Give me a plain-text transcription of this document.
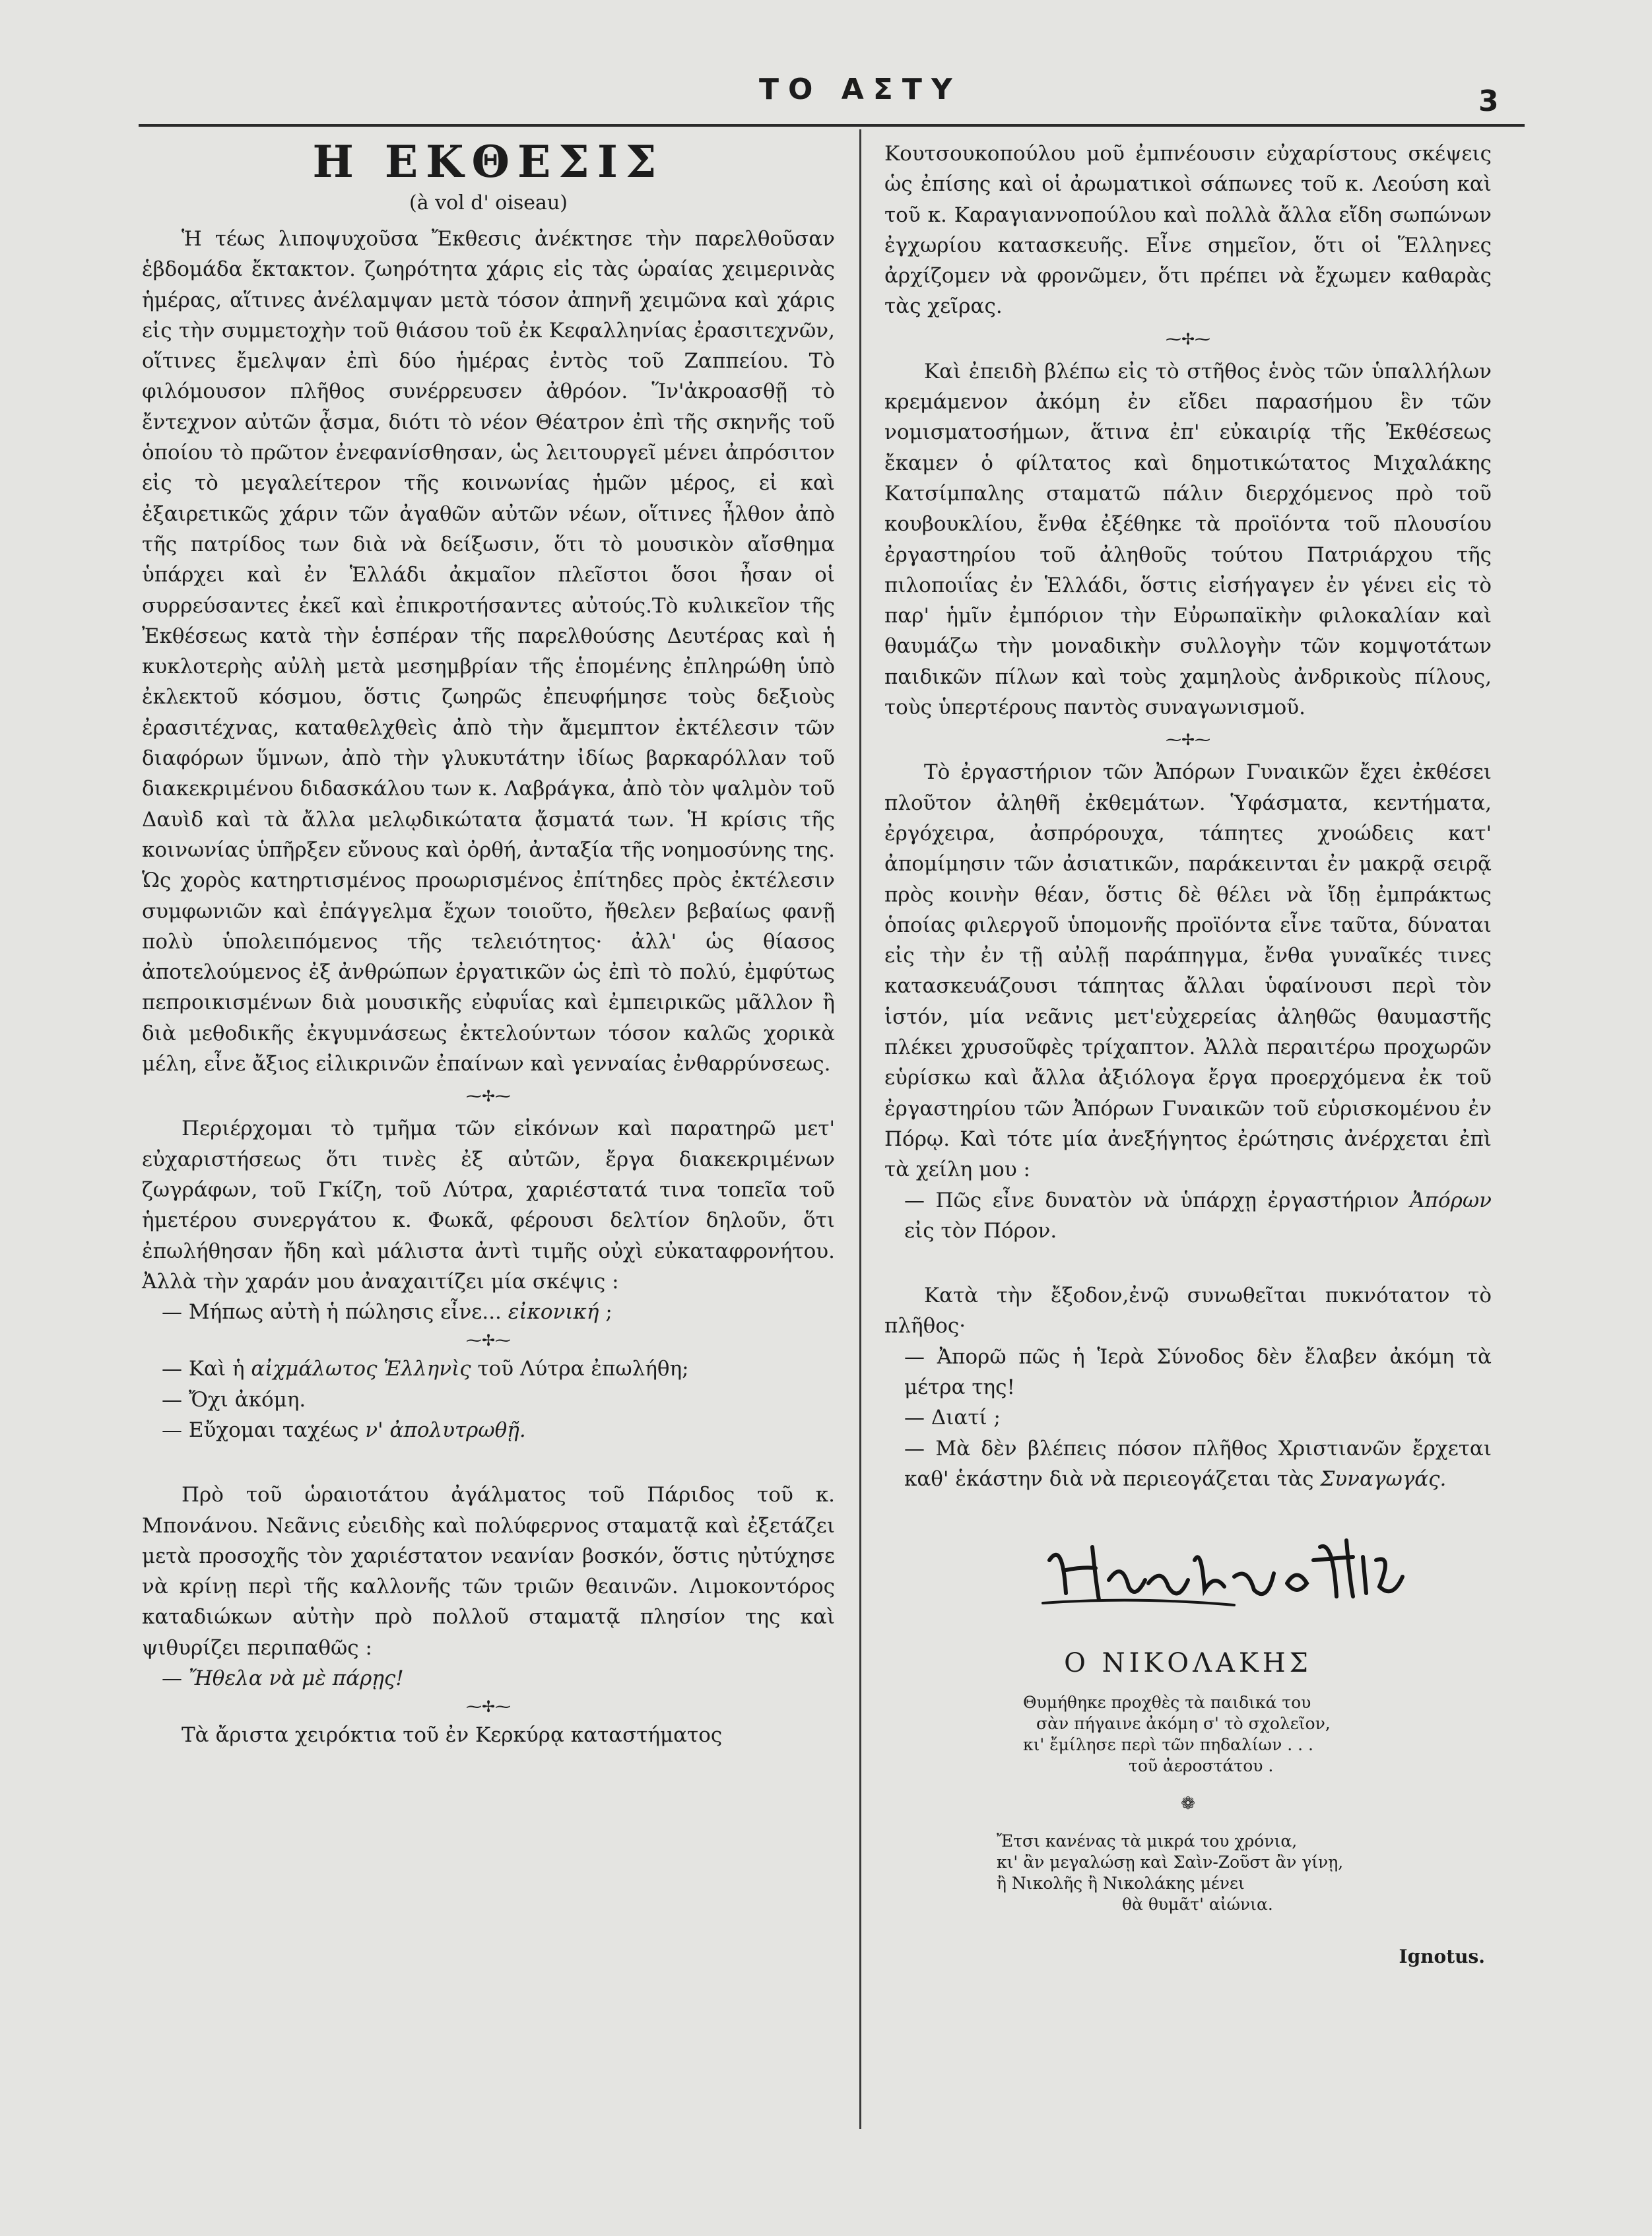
ΤΟ ΑΣΤΥ	3
Η ΕΚΘΕΣΙΣ
(à vol d' oiseau)

Ἡ τέως λιποψυχοῦσα Ἔκθεσις ἀνέκτησε τὴν παρελθοῦσαν ἑβδομάδα ἔκτακτον. ζωηρότητα χάρις εἰς τὰς ὡραίας χειμερινὰς ἡμέρας, αἵτινες ἀνέλαμψαν μετὰ τόσον ἀπηνῆ χειμῶνα καὶ χάρις εἰς τὴν συμμετοχὴν τοῦ θιάσου τοῦ ἐκ Κεφαλληνίας ἐρασιτεχνῶν, οἵτινες ἔμελψαν ἐπὶ δύο ἡμέρας ἐντὸς τοῦ Ζαππείου. Τὸ φιλόμουσον πλῆθος συνέρρευσεν ἀθρόον. Ἵν'ἀκροασθῇ τὸ ἔντεχνον αὐτῶν ᾆσμα, διότι τὸ νέον Θέατρον ἐπὶ τῆς σκηνῆς τοῦ ὁποίου τὸ πρῶτον ἐνεφανίσθησαν, ὡς λειτουργεῖ μένει ἀπρόσιτον εἰς τὸ μεγαλείτερον τῆς κοινωνίας ἡμῶν μέρος, εἰ καὶ ἐξαιρετικῶς χάριν τῶν ἀγαθῶν αὐτῶν νέων, οἵτινες ἦλθον ἀπὸ τῆς πατρίδος των διὰ νὰ δείξωσιν, ὅτι τὸ μουσικὸν αἴσθημα ὑπάρχει καὶ ἐν Ἑλλάδι ἀκμαῖον πλεῖστοι ὅσοι ἦσαν οἱ συρρεύσαντες ἐκεῖ καὶ ἐπικροτήσαντες αὐτούς.Τὸ κυλικεῖον τῆς Ἐκθέσεως κατὰ τὴν ἑσπέραν τῆς παρελθούσης Δευτέρας καὶ ἡ κυκλοτερὴς αὐλὴ μετὰ μεσημβρίαν τῆς ἑπομένης ἐπληρώθη ὑπὸ ἐκλεκτοῦ κόσμου, ὅστις ζωηρῶς ἐπευφήμησε τοὺς δεξιοὺς ἐρασιτέχνας, καταθελχθεὶς ἀπὸ τὴν ἄμεμπτον ἐκτέλεσιν τῶν διαφόρων ὕμνων, ἀπὸ τὴν γλυκυτάτην ἰδίως βαρκαρόλλαν τοῦ διακεκριμένου διδασκάλου των κ. Λαβράγκα, ἀπὸ τὸν ψαλμὸν τοῦ Δαυὶδ καὶ τὰ ἄλλα μελῳδικώτατα ᾄσματά των. Ἡ κρίσις τῆς κοινωνίας ὑπῆρξεν εὔνους καὶ ὀρθή, ἀνταξία τῆς νοημοσύνης της. Ὡς χορὸς κατηρτισμένος προωρισμένος ἐπίτηδες πρὸς ἐκτέλεσιν συμφωνιῶν καὶ ἐπάγγελμα ἔχων τοιοῦτο, ἤθελεν βεβαίως φανῇ πολὺ ὑπολειπόμενος τῆς τελειότητος· ἀλλ' ὡς θίασος ἀποτελούμενος ἐξ ἀνθρώπων ἐργατικῶν ὡς ἐπὶ τὸ πολύ, ἐμφύτως πεπροικισμένων διὰ μουσικῆς εὐφυΐας καὶ ἐμπειρικῶς μᾶλλον ἢ διὰ μεθοδικῆς ἐκγυμνάσεως ἐκτελούντων τόσον καλῶς χορικὰ μέλη, εἶνε ἄξιος εἰλικρινῶν ἐπαίνων καὶ γενναίας ἐνθαρρύνσεως.

⁓✢⁓

Περιέρχομαι τὸ τμῆμα τῶν εἰκόνων καὶ παρατηρῶ μετ' εὐχαριστήσεως ὅτι τινὲς ἐξ αὐτῶν, ἔργα διακεκριμένων ζωγράφων, τοῦ Γκίζη, τοῦ Λύτρα, χαριέστατά τινα τοπεῖα τοῦ ἡμετέρου συνεργάτου κ. Φωκᾶ, φέρουσι δελτίον δηλοῦν, ὅτι ἐπωλήθησαν ἤδη καὶ μάλιστα ἀντὶ τιμῆς οὐχὶ εὐκαταφρονήτου. Ἀλλὰ τὴν χαράν μου ἀναχαιτίζει μία σκέψις :

— Μήπως αὐτὴ ἡ πώλησις εἶνε... εἰκονική ;

⁓✢⁓

— Καὶ ἡ αἰχμάλωτος Ἑλληνὶς τοῦ Λύτρα ἐπωλήθη;

— Ὄχι ἀκόμη.

— Εὔχομαι ταχέως ν' ἀπολυτρωθῇ.

Πρὸ τοῦ ὡραιοτάτου ἀγάλματος τοῦ Πάριδος τοῦ κ. Μπονάνου. Νεᾶνις εὐειδὴς καὶ πολύφερνος σταματᾷ καὶ ἐξετάζει μετὰ προσοχῆς τὸν χαριέστατον νεανίαν βοσκόν, ὅστις ηὐτύχησε νὰ κρίνῃ περὶ τῆς καλλονῆς τῶν τριῶν θεαινῶν. Λιμοκοντόρος καταδιώκων αὐτὴν πρὸ πολλοῦ σταματᾷ πλησίον της καὶ ψιθυρίζει περιπαθῶς :

— Ἤθελα νὰ μὲ πάρῃς!

⁓✢⁓

Τὰ ἄριστα χειρόκτια τοῦ ἐν Κερκύρᾳ καταστήματος

Κουτσουκοπούλου μοῦ ἐμπνέουσιν εὐχαρίστους σκέψεις ὡς ἐπίσης καὶ οἱ ἀρωματικοὶ σάπωνες τοῦ κ. Λεούση καὶ τοῦ κ. Καραγιαννοπούλου καὶ πολλὰ ἄλλα εἴδη σωπώνων ἐγχωρίου κατασκευῆς. Εἶνε σημεῖον, ὅτι οἱ Ἕλληνες ἀρχίζομεν νὰ φρονῶμεν, ὅτι πρέπει νὰ ἔχωμεν καθαρὰς τὰς χεῖρας.

⁓✢⁓

Καὶ ἐπειδὴ βλέπω εἰς τὸ στῆθος ἑνὸς τῶν ὑπαλλήλων κρεμάμενον ἀκόμη ἐν εἴδει παρασήμου ἓν τῶν νομισματοσήμων, ἅτινα ἐπ' εὐκαιρίᾳ τῆς Ἐκθέσεως ἔκαμεν ὁ φίλτατος καὶ δημοτικώτατος Μιχαλάκης Κατσίμπαλης σταματῶ πάλιν διερχόμενος πρὸ τοῦ κουβουκλίου, ἔνθα ἐξέθηκε τὰ προϊόντα τοῦ πλουσίου ἐργαστηρίου τοῦ ἀληθοῦς τούτου Πατριάρχου τῆς πιλοποιΐας ἐν Ἑλλάδι, ὅστις εἰσήγαγεν ἐν γένει εἰς τὸ παρ' ἡμῖν ἐμπόριον τὴν Εὐρωπαϊκὴν φιλοκαλίαν καὶ θαυμάζω τὴν μοναδικὴν συλλογὴν τῶν κομψοτάτων παιδικῶν πίλων καὶ τοὺς χαμηλοὺς ἀνδρικοὺς πίλους, τοὺς ὑπερτέρους παντὸς συναγωνισμοῦ.

⁓✢⁓

Τὸ ἐργαστήριον τῶν Ἀπόρων Γυναικῶν ἔχει ἐκθέσει πλοῦτον ἀληθῆ ἐκθεμάτων. Ὑφάσματα, κεντήματα, ἐργόχειρα, ἀσπρόρουχα, τάπητες χνοώδεις κατ' ἀπομίμησιν τῶν ἀσιατικῶν, παράκεινται ἐν μακρᾷ σειρᾷ πρὸς κοινὴν θέαν, ὅστις δὲ θέλει νὰ ἴδῃ ἐμπράκτως ὁποίας φιλεργοῦ ὑπομονῆς προϊόντα εἶνε ταῦτα, δύναται εἰς τὴν ἐν τῇ αὐλῇ παράπηγμα, ἔνθα γυναῖκές τινες κατασκευάζουσι τάπητας ἄλλαι ὑφαίνουσι περὶ τὸν ἱστόν, μία νεᾶνις μετ'εὐχερείας ἀληθῶς θαυμαστῆς πλέκει χρυσοῦφὲς τρίχαπτον. Ἀλλὰ περαιτέρω προχωρῶν εὑρίσκω καὶ ἄλλα ἀξιόλογα ἔργα προερχόμενα ἐκ τοῦ ἐργαστηρίου τῶν Ἀπόρων Γυναικῶν τοῦ εὑρισκομένου ἐν Πόρῳ. Καὶ τότε μία ἀνεξήγητος ἐρώτησις ἀνέρχεται ἐπὶ τὰ χείλη μου :

— Πῶς εἶνε δυνατὸν νὰ ὑπάρχῃ ἐργαστήριον Ἀπόρων εἰς τὸν Πόρον.

Κατὰ τὴν ἔξοδον,ἐνῷ συνωθεῖται πυκνότατον τὸ πλῆθος·

— Ἀπορῶ πῶς ἡ Ἱερὰ Σύνοδος δὲν ἔλαβεν ἀκόμη τὰ μέτρα της!

— Διατί ;

— Μὰ δὲν βλέπεις πόσον πλῆθος Χριστιανῶν ἔρχεται καθ' ἑκάστην διὰ νὰ περιεογάζεται τὰς Συναγωγάς.

Ο ΝΙΚΟΛΑΚΗΣ
Θυμήθηκε προχθὲς τὰ παιδικά του
σὰν πήγαινε ἀκόμη σ' τὸ σχολεῖον,
κι' ἔμίλησε περὶ τῶν πηδαλίων . . .
τοῦ ἀεροστάτου .
❁
Ἔτσι κανένας τὰ μικρά του χρόνια,
κι' ἂν μεγαλώσῃ καὶ Σαὶν-Ζοῦστ ἂν γίνῃ,
ἢ Νικολῆς ἢ Νικολάκης μένει
θὰ θυμᾶτ' αἰώνια.
Ignotus.
